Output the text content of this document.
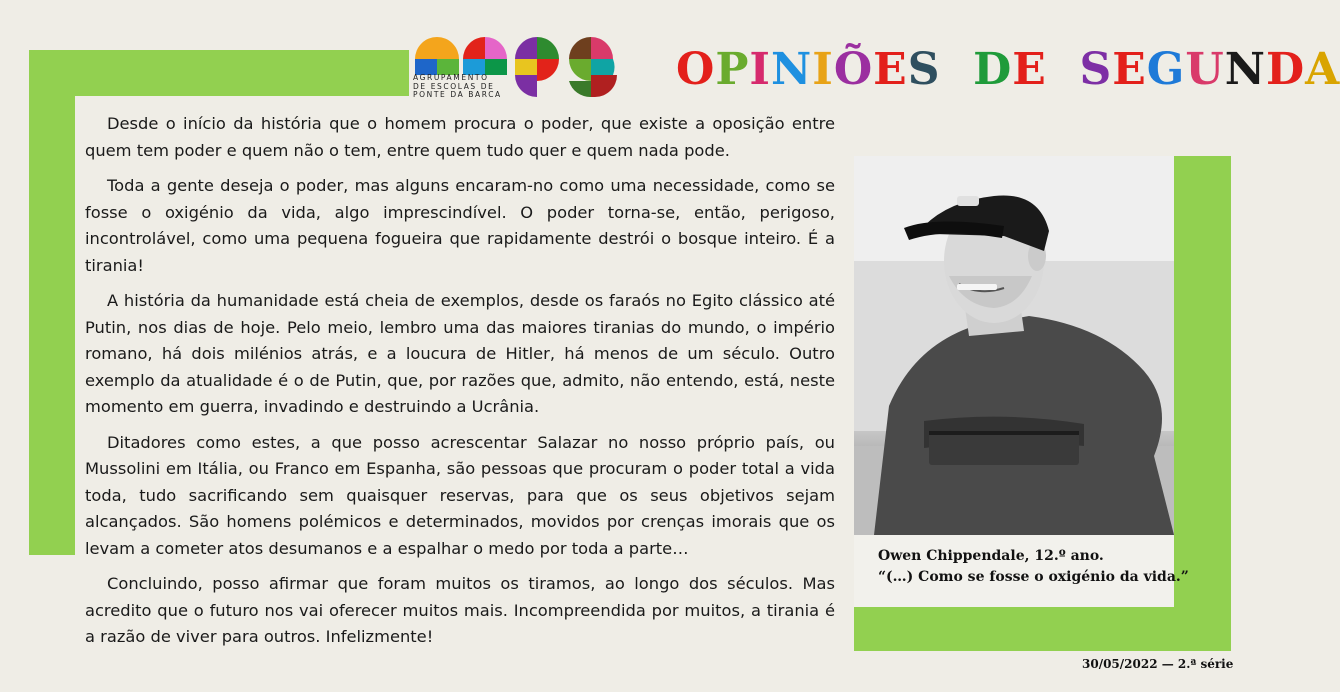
Owen Chippendale, 12.º ano.
“(…) Como se fosse o oxigénio da vida.”
AGRUPAMENTO
DE ESCOLAS DE
PONTE DA BARCA	OPINIÕES DE SEGUNDA

Desde o início da história que o homem procura o poder, que existe a oposição entre quem tem poder e quem não o tem, entre quem tudo quer e quem nada pode.

Toda a gente deseja o poder, mas alguns encaram-no como uma necessidade, como se fosse o oxigénio da vida, algo imprescindível. O poder torna-se, então, perigoso, incontrolável, como uma pequena fogueira que rapidamente destrói o bosque inteiro. É a tirania!

A história da humanidade está cheia de exemplos, desde os faraós no Egito clássico até Putin, nos dias de hoje. Pelo meio, lembro uma das maiores tiranias do mundo, o império romano, há dois milénios atrás, e a loucura de Hitler, há menos de um século. Outro exemplo da atualidade é o de Putin, que, por razões que, admito, não entendo, está, neste momento em guerra, invadindo e destruindo a Ucrânia.

Ditadores como estes, a que posso acrescentar Salazar no nosso próprio país, ou Mussolini em Itália, ou Franco em Espanha, são pessoas que procuram o poder total a vida toda, tudo sacrificando sem quaisquer reservas, para que os seus objetivos sejam alcançados. São homens polémicos e determinados, movidos por crenças imorais que os levam a cometer atos desumanos e a espalhar o medo por toda a parte…

Concluindo, posso afirmar que foram muitos os tiramos, ao longo dos séculos. Mas acredito que o futuro nos vai oferecer muitos mais. Incompreendida por muitos, a tirania é a razão de viver para outros. Infelizmente!

30/05/2022 — 2.ª série
